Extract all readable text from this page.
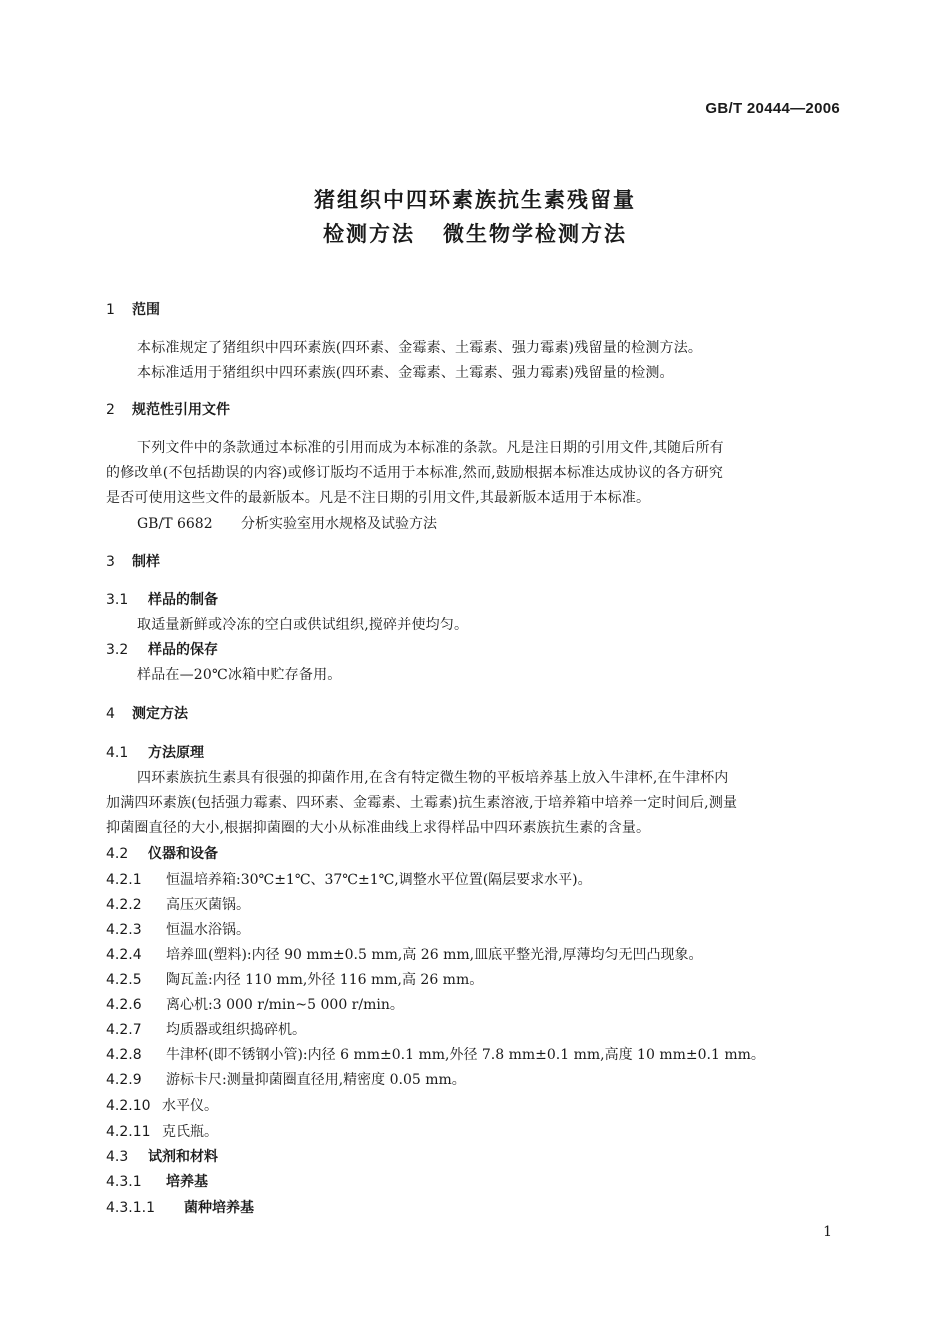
GB/T 20444—2006
猪组织中四环素族抗生素残留量
检测方法 微生物学检测方法
1 范围
本标准规定了猪组织中四环素族(四环素、金霉素、土霉素、强力霉素)残留量的检测方法。
本标准适用于猪组织中四环素族(四环素、金霉素、土霉素、强力霉素)残留量的检测。
2 规范性引用文件
下列文件中的条款通过本标准的引用而成为本标准的条款。凡是注日期的引用文件,其随后所有
的修改单(不包括勘误的内容)或修订版均不适用于本标准,然而,鼓励根据本标准达成协议的各方研究
是否可使用这些文件的最新版本。凡是不注日期的引用文件,其最新版本适用于本标准。
GB/T 6682 分析实验室用水规格及试验方法
3 制样
3.1 样品的制备
取适量新鲜或冷冻的空白或供试组织,搅碎并使均匀。
3.2 样品的保存
样品在—20℃冰箱中贮存备用。
4 测定方法
4.1 方法原理
四环素族抗生素具有很强的抑菌作用,在含有特定微生物的平板培养基上放入牛津杯,在牛津杯内
加满四环素族(包括强力霉素、四环素、金霉素、土霉素)抗生素溶液,于培养箱中培养一定时间后,测量
抑菌圈直径的大小,根据抑菌圈的大小从标准曲线上求得样品中四环素族抗生素的含量。
4.2 仪器和设备
4.2.1 恒温培养箱:30℃±1℃、37℃±1℃,调整水平位置(隔层要求水平)。
4.2.2 高压灭菌锅。
4.2.3 恒温水浴锅。
4.2.4 培养皿(塑料):内径 90 mm±0.5 mm,高 26 mm,皿底平整光滑,厚薄均匀无凹凸现象。
4.2.5 陶瓦盖:内径 110 mm,外径 116 mm,高 26 mm。
4.2.6 离心机:3 000 r/min~5 000 r/min。
4.2.7 均质器或组织捣碎机。
4.2.8 牛津杯(即不锈钢小管):内径 6 mm±0.1 mm,外径 7.8 mm±0.1 mm,高度 10 mm±0.1 mm。
4.2.9 游标卡尺:测量抑菌圈直径用,精密度 0.05 mm。
4.2.10 水平仪。
4.2.11 克氏瓶。
4.3 试剂和材料
4.3.1 培养基
4.3.1.1 菌种培养基
1
